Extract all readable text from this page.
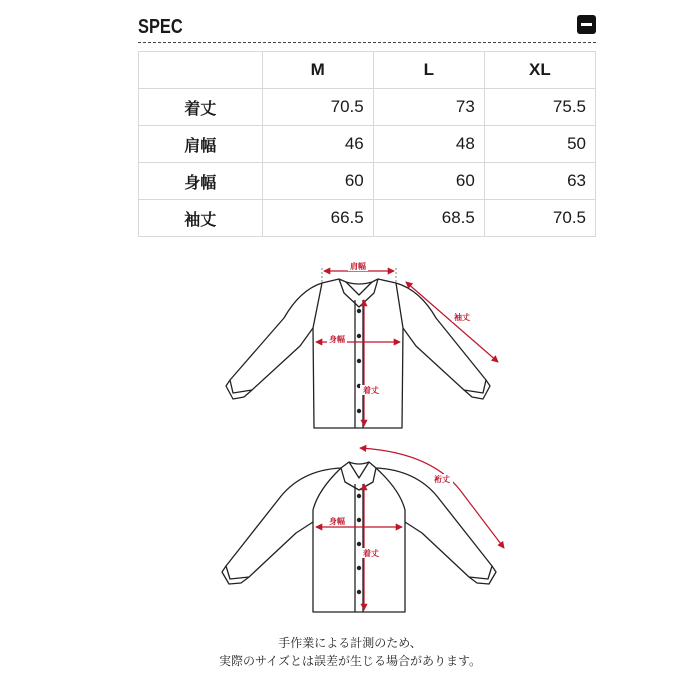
SPEC
	M	L	XL
着丈	70.5	73	75.5
肩幅	46	48	50
身幅	60	60	63
袖丈	66.5	68.5	70.5
肩幅
袖丈
身幅
着丈
裄丈
身幅
着丈
手作業による計測のため、
実際のサイズとは誤差が生じる場合があります。
